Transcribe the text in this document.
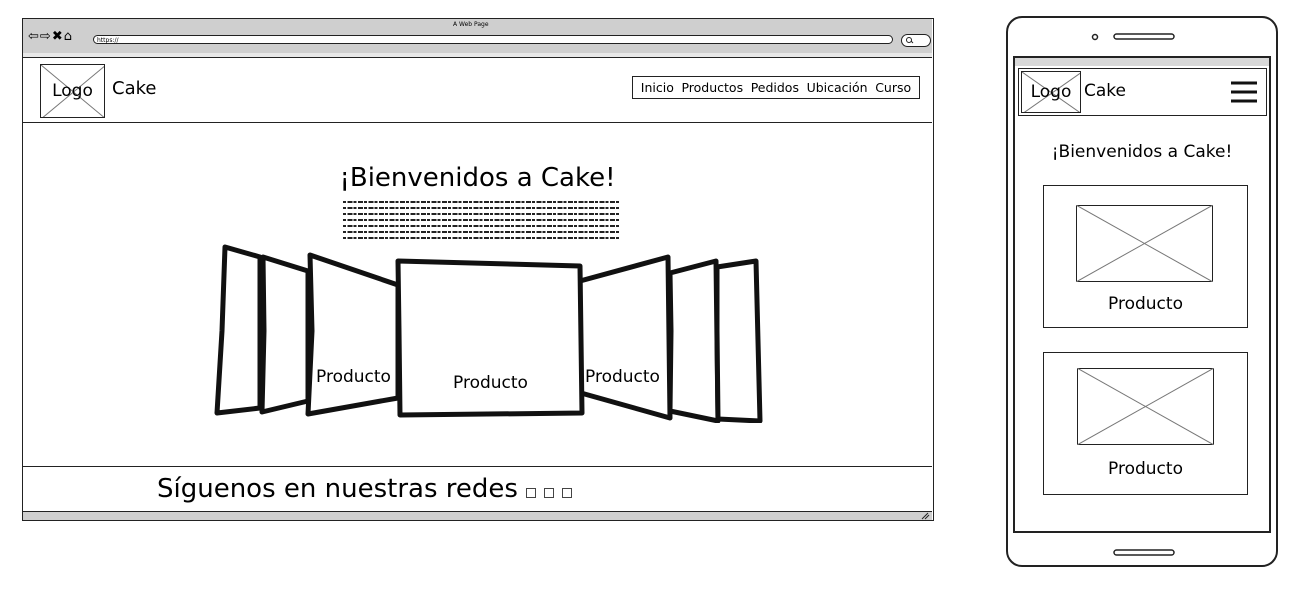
A Web Page
⇦⇨✖⌂	https://
Logo	Cake	Inicio Productos Pedidos Ubicación Curso
¡Bienvenidos a Cake!
Producto	Producto	Producto
Síguenos en nuestras redes
Logo Cake
¡Bienvenidos a Cake!
Producto
Producto
